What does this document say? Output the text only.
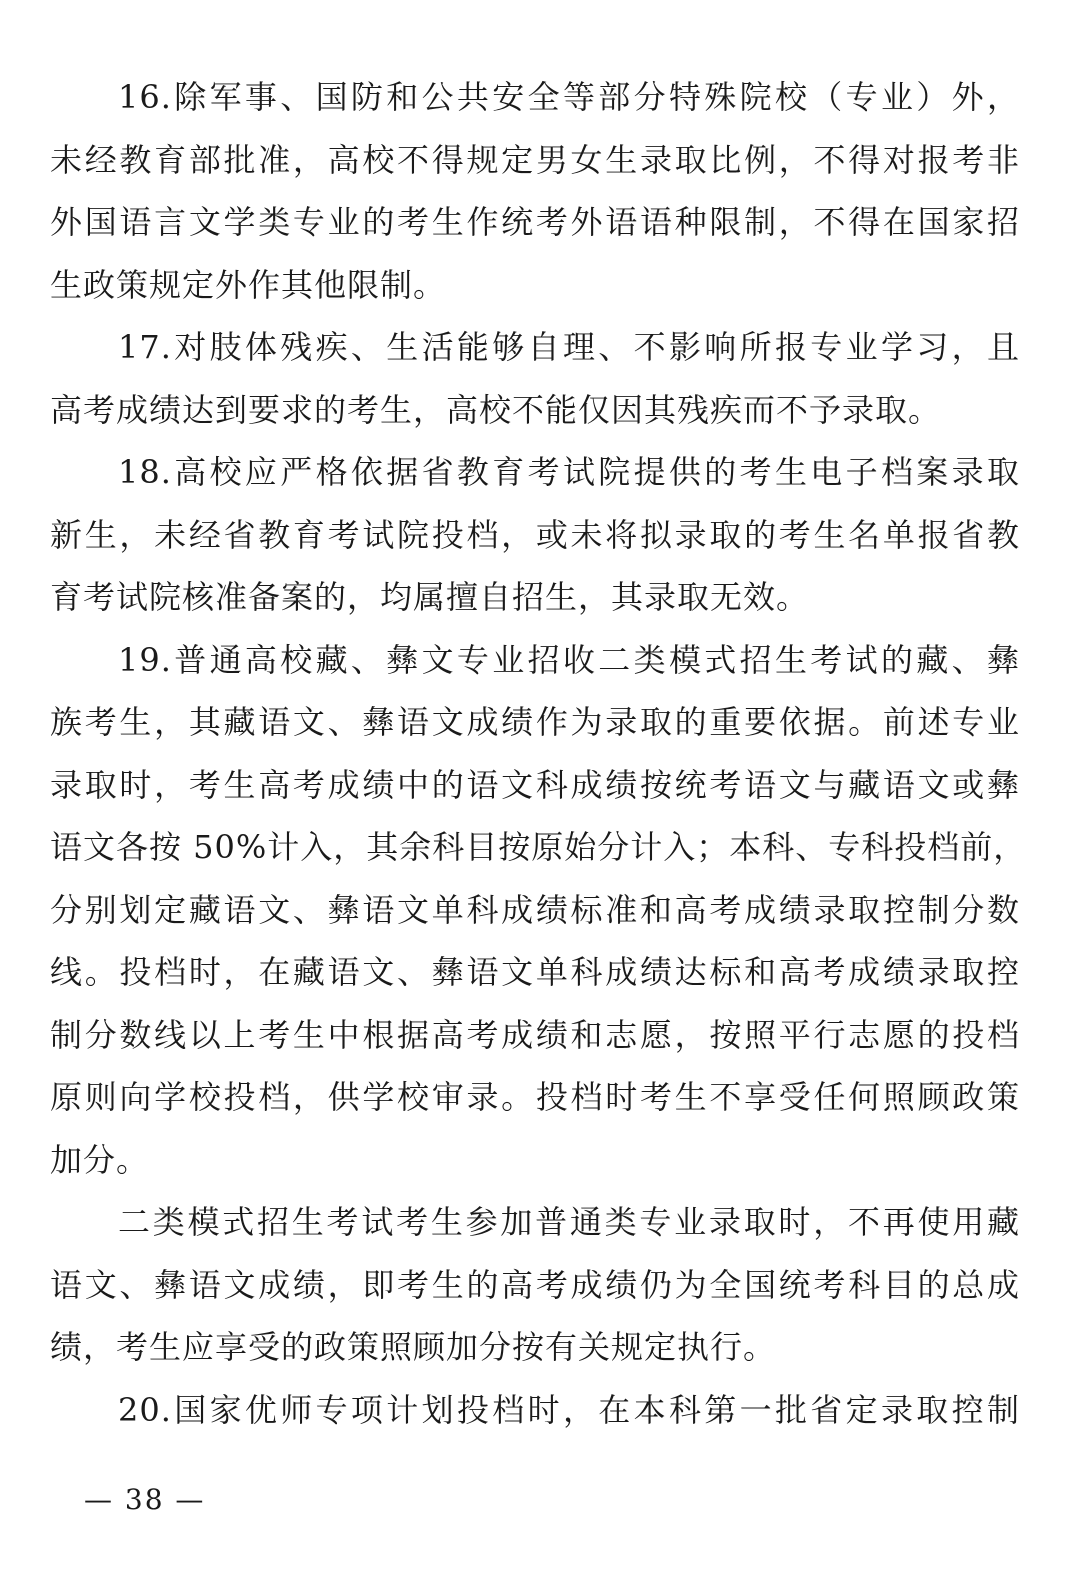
16.除军事、国防和公共安全等部分特殊院校（专业）外，
未经教育部批准，高校不得规定男女生录取比例，不得对报考非
外国语言文学类专业的考生作统考外语语种限制，不得在国家招
生政策规定外作其他限制。
17.对肢体残疾、生活能够自理、不影响所报专业学习，且
高考成绩达到要求的考生，高校不能仅因其残疾而不予录取。
18.高校应严格依据省教育考试院提供的考生电子档案录取
新生，未经省教育考试院投档，或未将拟录取的考生名单报省教
育考试院核准备案的，均属擅自招生，其录取无效。
19.普通高校藏、彝文专业招收二类模式招生考试的藏、彝
族考生，其藏语文、彝语文成绩作为录取的重要依据。前述专业
录取时，考生高考成绩中的语文科成绩按统考语文与藏语文或彝
语文各按 50%计入，其余科目按原始分计入；本科、专科投档前，
分别划定藏语文、彝语文单科成绩标准和高考成绩录取控制分数
线。投档时，在藏语文、彝语文单科成绩达标和高考成绩录取控
制分数线以上考生中根据高考成绩和志愿，按照平行志愿的投档
原则向学校投档，供学校审录。投档时考生不享受任何照顾政策
加分。
二类模式招生考试考生参加普通类专业录取时，不再使用藏
语文、彝语文成绩，即考生的高考成绩仍为全国统考科目的总成
绩，考生应享受的政策照顾加分按有关规定执行。
20.国家优师专项计划投档时，在本科第一批省定录取控制
— 38 —
